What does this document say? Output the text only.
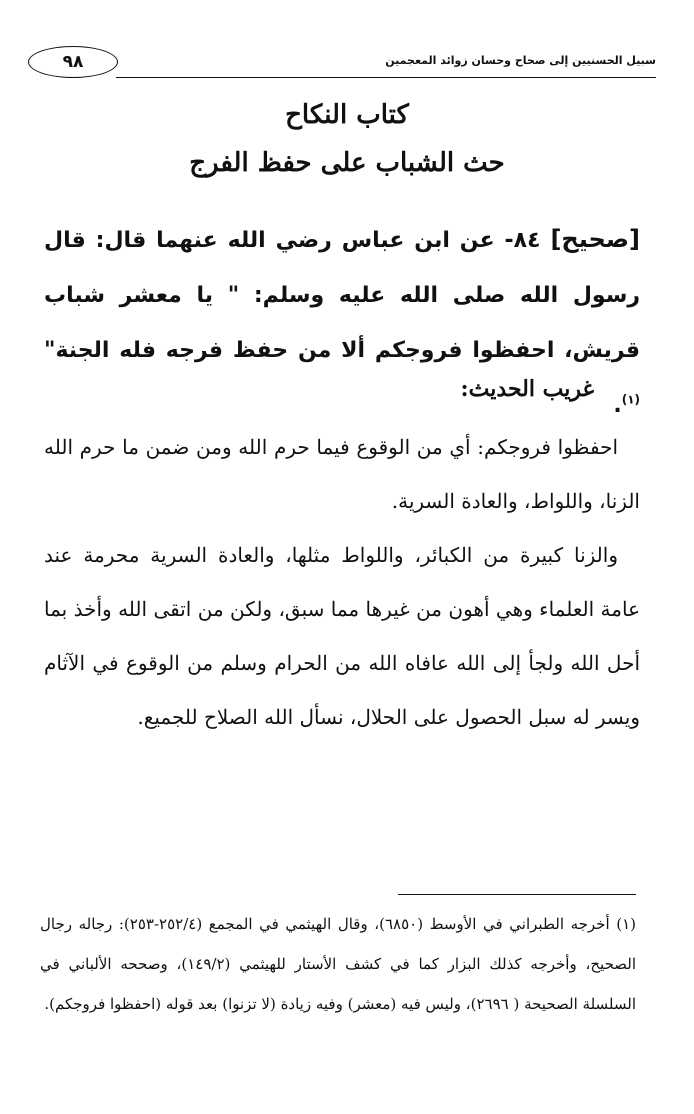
٩٨	سبيل الحسنيين إلى صحاح وحسان زوائد المعجمين
كتاب النكاح
حث الشباب على حفظ الفرج
[صحيح] ٨٤- عن ابن عباس رضي الله عنهما قال: قال رسول الله صلى الله عليه وسلم: " يا معشر شباب قريش، احفظوا فروجكم ألا من حفظ فرجه فله الجنة"$^{(١)}$.
غريب الحديث:
احفظوا فروجكم: أي من الوقوع فيما حرم الله ومن ضمن ما حرم الله الزنا، واللواط، والعادة السرية.
والزنا كبيرة من الكبائر، واللواط مثلها، والعادة السرية محرمة عند عامة العلماء وهي أهون من غيرها مما سبق، ولكن من اتقى الله وأخذ بما أحل الله ولجأ إلى الله عافاه الله من الحرام وسلم من الوقوع في الآثام ويسر له سبل الحصول على الحلال، نسأل الله الصلاح للجميع.
(١) أخرجه الطبراني في الأوسط (٦٨٥٠)، وقال الهيثمي في المجمع (٢٥٢/٤-٢٥٣): رجاله رجال الصحيح، وأخرجه كذلك البزار كما في كشف الأستار للهيثمي (١٤٩/٢)، وصححه الألباني في السلسلة الصحيحة ( ٢٦٩٦)، وليس فيه (معشر) وفيه زيادة (لا تزنوا) بعد قوله (احفظوا فروجكم).
